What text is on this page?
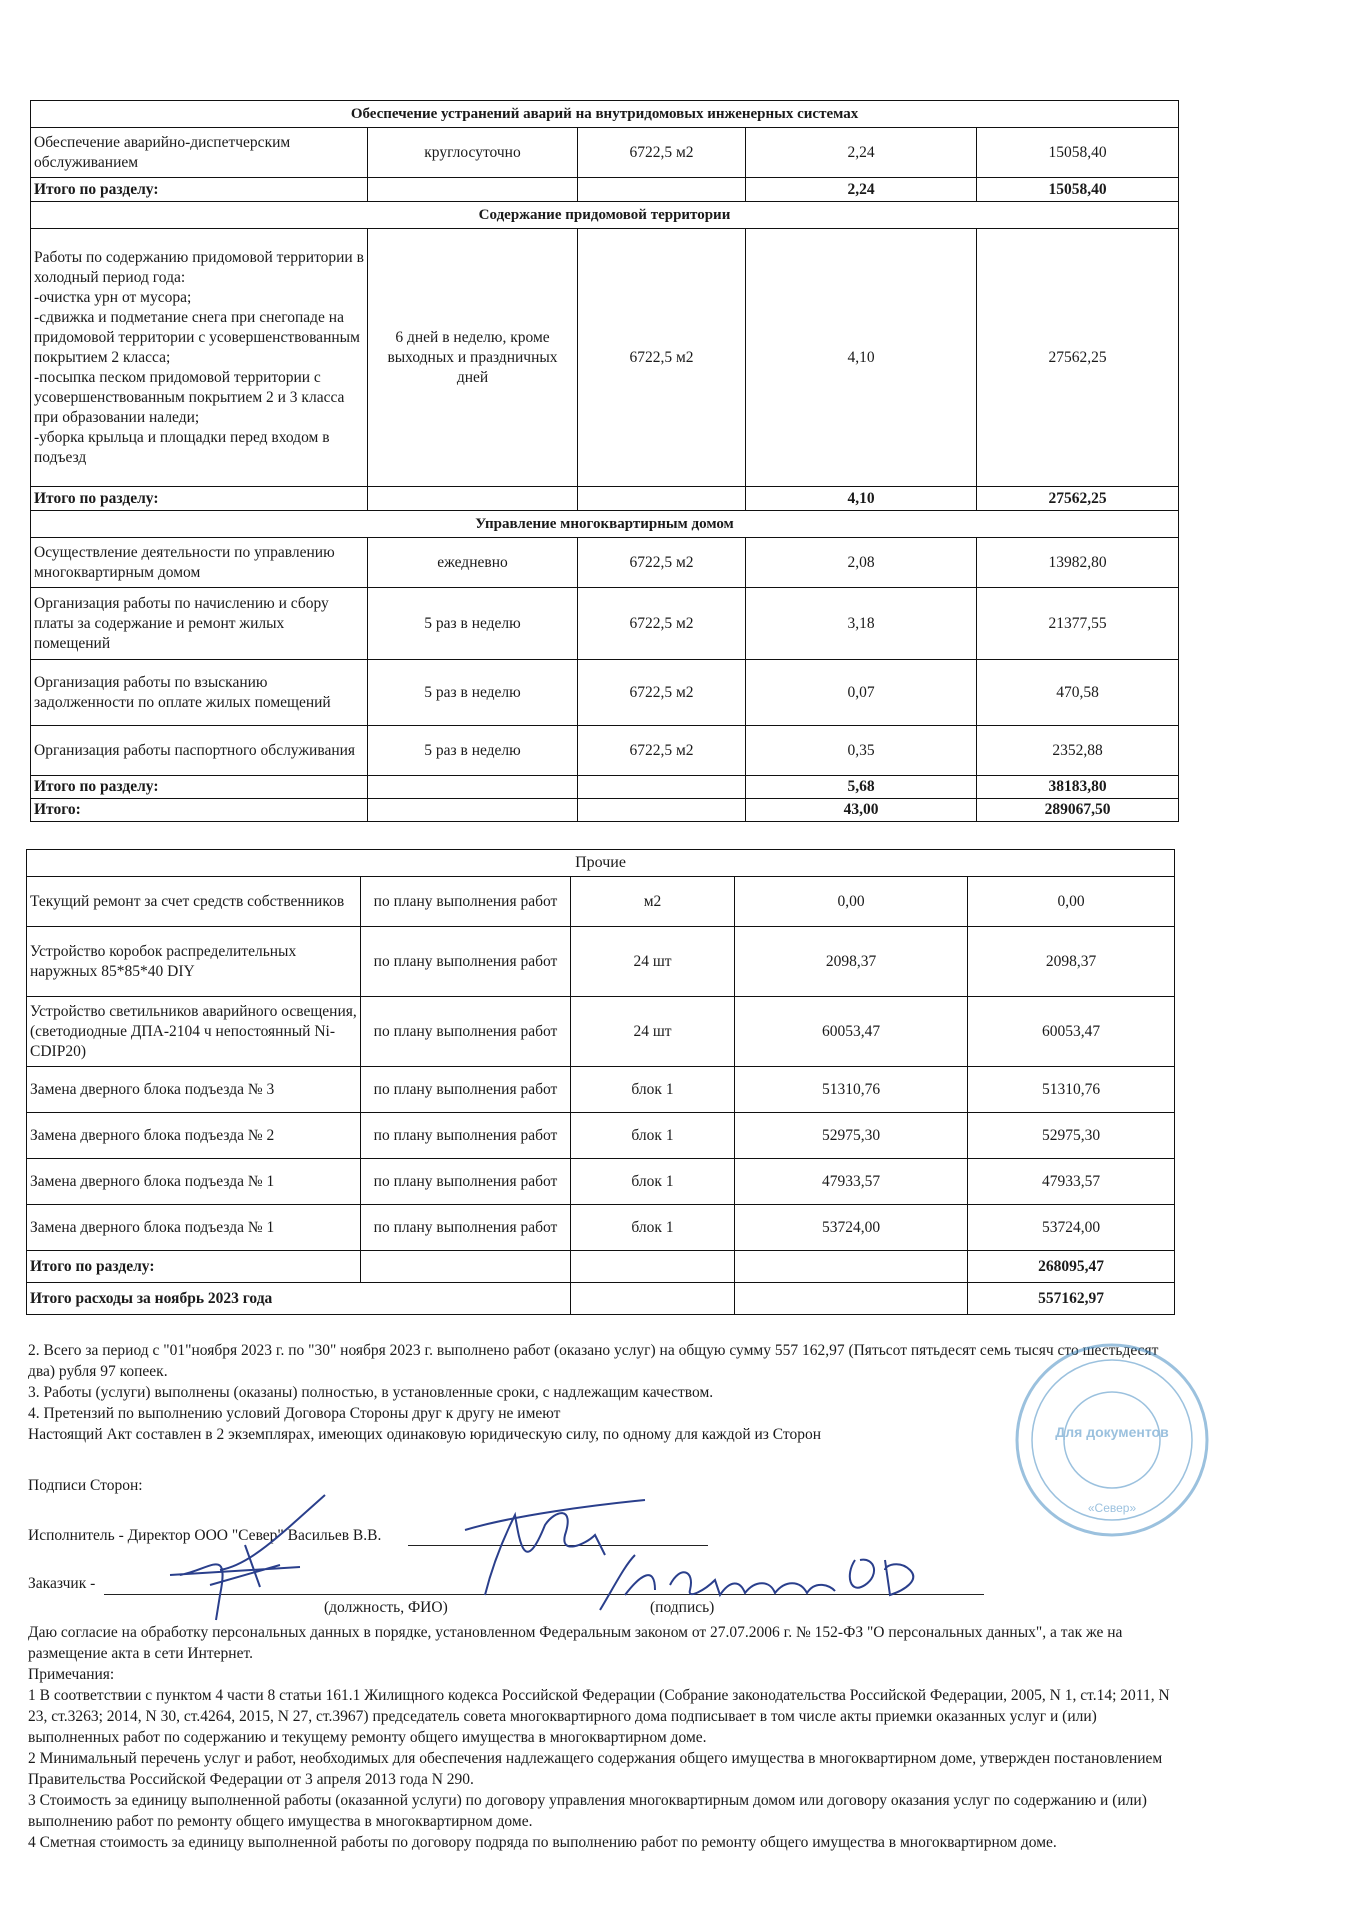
Обеспечение устранений аварий на внутридомовых инженерных системах				
Обеспечение аварийно-диспетчерским обслуживанием	круглосуточно	6722,5 м2	2,24	15058,40
Итого по разделу:			2,24	15058,40
Содержание придомовой территории				

Работы по содержанию придомовой территории в холодный период года:
-очистка урн от мусора;
-сдвижка и подметание снега при снегопаде на придомовой территории с усовершенствованным покрытием 2 класса;
-посыпка песком придомовой территории с усовершенствованным покрытием 2 и 3 класса при образовании наледи;
-уборка крыльца и площадки перед входом в подъезд	6 дней в неделю, кроме выходных и праздничных дней	6722,5 м2	4,10	27562,25
Итого по разделу:			4,10	27562,25
Управление многоквартирным домом				
Осуществление деятельности по управлению многоквартирным домом	ежедневно	6722,5 м2	2,08	13982,80
Организация работы по начислению и сбору платы за содержание и ремонт жилых помещений	5 раз в неделю	6722,5 м2	3,18	21377,55
Организация работы по взысканию задолженности по оплате жилых помещений	5 раз в неделю	6722,5 м2	0,07	470,58
Организация работы паспортного обслуживания	5 раз в неделю	6722,5 м2	0,35	2352,88
Итого по разделу:			5,68	38183,80
Итого:			43,00	289067,50
Прочие				
Текущий ремонт за счет средств собственников	по плану выполнения работ	м2	0,00	0,00
Устройство коробок распределительных наружных 85*85*40 DIY	по плану выполнения работ	24 шт	2098,37	2098,37
Устройство светильников аварийного освещения, (светодиодные ДПА-2104 ч непостоянный Ni-CDIP20)	по плану выполнения работ	24 шт	60053,47	60053,47
Замена дверного блока подъезда № 3	по плану выполнения работ	блок 1	51310,76	51310,76
Замена дверного блока подъезда № 2	по плану выполнения работ	блок 1	52975,30	52975,30
Замена дверного блока подъезда № 1	по плану выполнения работ	блок 1	47933,57	47933,57
Замена дверного блока подъезда № 1	по плану выполнения работ	блок 1	53724,00	53724,00
Итого по разделу:				268095,47
Итого расходы за ноябрь 2023 года				557162,97

2. Всего за период с "01"ноября 2023 г. по "30" ноября 2023 г. выполнено работ (оказано услуг) на общую сумму 557 162,97 (Пятьсот пятьдесят семь тысяч сто шестьдесят два) рубля 97 копеек.

3. Работы (услуги) выполнены (оказаны) полностью, в установленные сроки, с надлежащим качеством.

4. Претензий по выполнению условий Договора Стороны друг к другу не имеют

Настоящий Акт составлен в 2 экземплярах, имеющих одинаковую юридическую силу, по одному для каждой из Сторон

Подписи Сторон:
Исполнитель - Директор ООО "Север" Васильев В.В.
Заказчик -
(должность, ФИО)	(подпись)
Для документов
«Север»

Даю согласие на обработку персональных данных в порядке, установленном Федеральным законом от 27.07.2006 г. № 152-ФЗ "О персональных данных", а так же на размещение акта в сети Интернет.

Примечания:

1 В соответствии с пунктом 4 части 8 статьи 161.1 Жилищного кодекса Российской Федерации (Собрание законодательства Российской Федерации, 2005, N 1, ст.14; 2011, N 23, ст.3263; 2014, N 30, ст.4264, 2015, N 27, ст.3967) председатель совета многоквартирного дома подписывает в том числе акты приемки оказанных услуг и (или) выполненных работ по содержанию и текущему ремонту общего имущества в многоквартирном доме.

2 Минимальный перечень услуг и работ, необходимых для обеспечения надлежащего содержания общего имущества в многоквартирном доме, утвержден постановлением Правительства Российской Федерации от 3 апреля 2013 года N 290.

3 Стоимость за единицу выполненной работы (оказанной услуги) по договору управления многоквартирным домом или договору оказания услуг по содержанию и (или) выполнению работ по ремонту общего имущества в многоквартирном доме.

4 Сметная стоимость за единицу выполненной работы по договору подряда по выполнению работ по ремонту общего имущества в многоквартирном доме.
